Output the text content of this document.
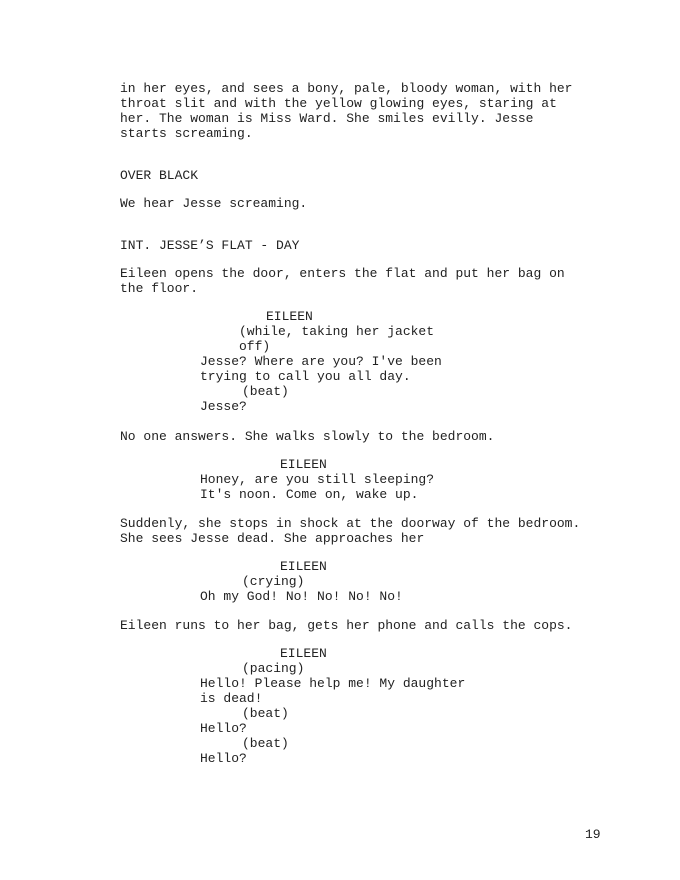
in her eyes, and sees a bony, pale, bloody woman, with her
throat slit and with the yellow glowing eyes, staring at
her. The woman is Miss Ward. She smiles evilly. Jesse
starts screaming.
OVER BLACK
We hear Jesse screaming.
INT. JESSE’S FLAT - DAY
Eileen opens the door, enters the flat and put her bag on
the floor.
EILEEN
(while, taking her jacket
off)
Jesse? Where are you? I've been
trying to call you all day.
(beat)
Jesse?
No one answers. She walks slowly to the bedroom.
EILEEN
Honey, are you still sleeping?
It's noon. Come on, wake up.
Suddenly, she stops in shock at the doorway of the bedroom.
She sees Jesse dead. She approaches her
EILEEN
(crying)
Oh my God! No! No! No! No!
Eileen runs to her bag, gets her phone and calls the cops.
EILEEN
(pacing)
Hello! Please help me! My daughter
is dead!
(beat)
Hello?
(beat)
Hello?
19
